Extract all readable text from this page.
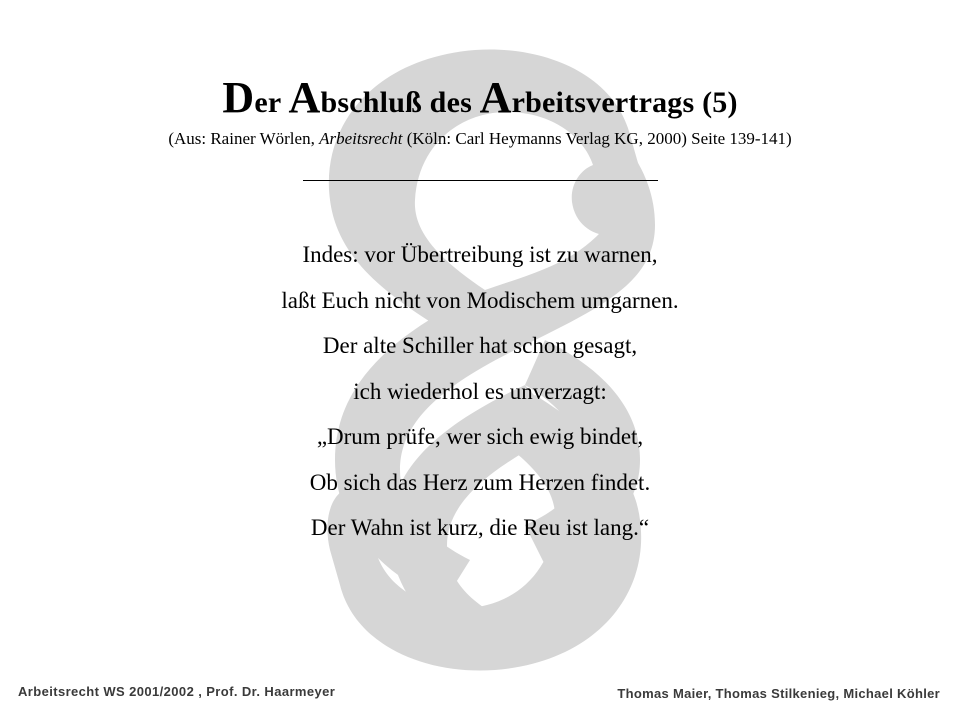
Der Abschluß des Arbeitsvertrags (5)
(Aus: Rainer Wörlen, Arbeitsrecht (Köln: Carl Heymanns Verlag KG, 2000) Seite 139-141)
Indes: vor Übertreibung ist zu warnen,
laßt Euch nicht von Modischem umgarnen.
Der alte Schiller hat schon gesagt,
ich wiederhol es unverzagt:
„Drum prüfe, wer sich ewig bindet,
Ob sich das Herz zum Herzen findet.
Der Wahn ist kurz, die Reu ist lang.“
Arbeitsrecht WS 2001/2002 , Prof. Dr. Haarmeyer	Thomas Maier, Thomas Stilkenieg, Michael Köhler
